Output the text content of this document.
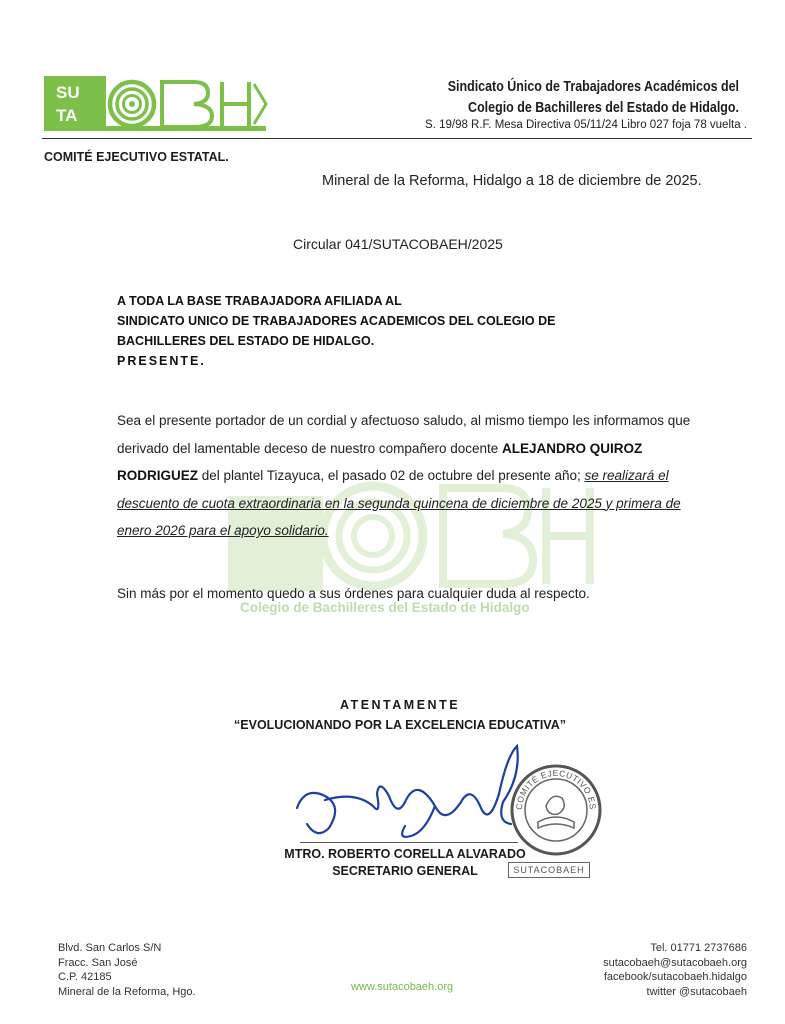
SU
TA
Sindicato Único de Trabajadores Académicos del
Colegio de Bachilleres del Estado de Hidalgo.
S. 19/98 R.F. Mesa Directiva 05/11/24 Libro 027 foja 78 vuelta .
COMITÉ EJECUTIVO ESTATAL.
Colegio de Bachilleres del Estado de Hidalgo
Mineral de la Reforma, Hidalgo a 18 de diciembre de 2025.
Circular 041/SUTACOBAEH/2025
A TODA LA BASE TRABAJADORA AFILIADA AL
SINDICATO UNICO DE TRABAJADORES ACADEMICOS DEL COLEGIO DE
BACHILLERES DEL ESTADO DE HIDALGO.
PRESENTE.
Sea el presente portador de un cordial y afectuoso saludo, al mismo tiempo les informamos que derivado del lamentable deceso de nuestro compañero docente ALEJANDRO QUIROZ RODRIGUEZ del plantel Tizayuca, el pasado 02 de octubre del presente año; se realizará el descuento de cuota extraordinaria en la segunda quincena de diciembre de 2025 y primera de enero 2026 para el apoyo solidario.
Sin más por el momento quedo a sus órdenes para cualquier duda al respecto.
ATENTAMENTE
“EVOLUCIONANDO POR LA EXCELENCIA EDUCATIVA”
COMITÉ EJECUTIVO ES
SUTACOBAEH
MTRO. ROBERTO CORELLA ALVARADO
SECRETARIO GENERAL
Blvd. San Carlos S/N
Fracc. San José
C.P. 42185
Mineral de la Reforma, Hgo.	www.sutacobaeh.org
Tel. 01771 2737686
sutacobaeh@sutacobaeh.org
facebook/sutacobaeh.hidalgo
twitter @sutacobaeh
